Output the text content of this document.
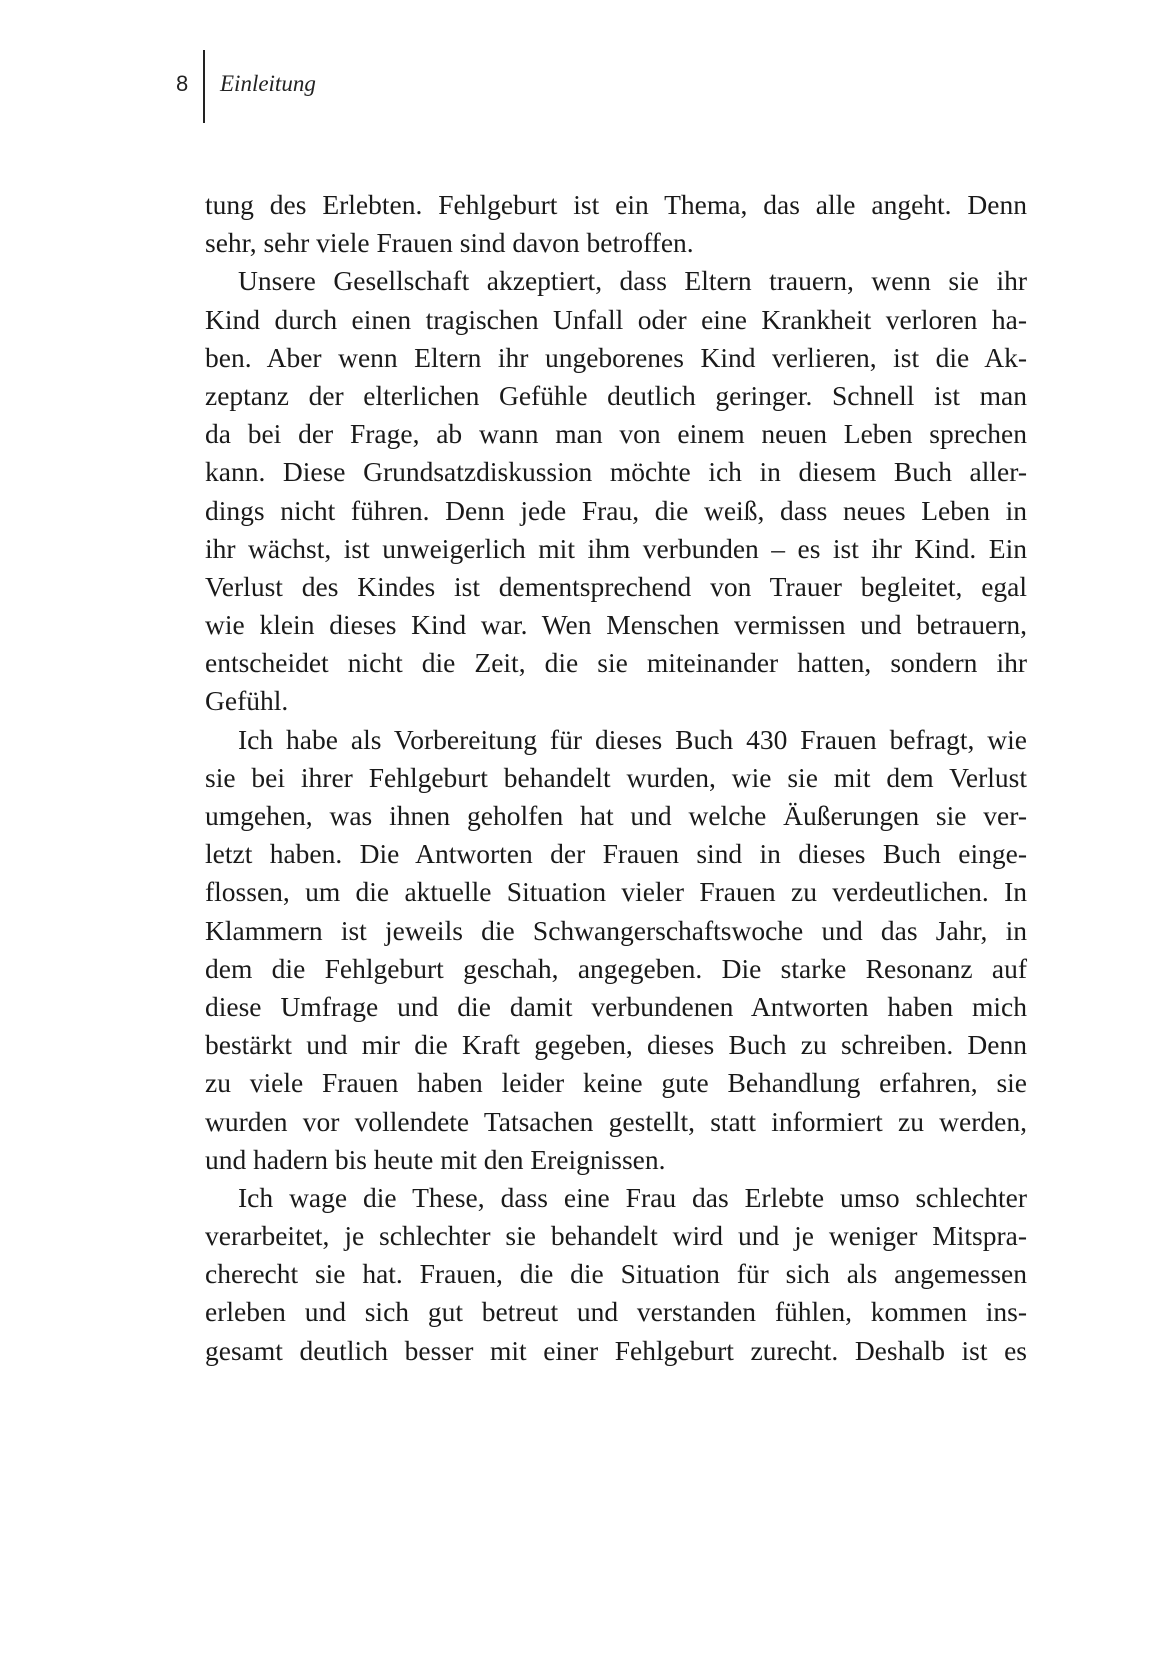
8 Einleitung
tung des Erlebten. Fehlgeburt ist ein Thema, das alle angeht. Denn
sehr, sehr viele Frauen sind davon betroffen.
Unsere Gesellschaft akzeptiert, dass Eltern trauern, wenn sie ihr
Kind durch einen tragischen Unfall oder eine Krankheit verloren ha-
ben. Aber wenn Eltern ihr ungeborenes Kind verlieren, ist die Ak-
zeptanz der elterlichen Gefühle deutlich geringer. Schnell ist man
da bei der Frage, ab wann man von einem neuen Leben sprechen
kann. Diese Grundsatzdiskussion möchte ich in diesem Buch aller-
dings nicht führen. Denn jede Frau, die weiß, dass neues Leben in
ihr wächst, ist unweigerlich mit ihm verbunden – es ist ihr Kind. Ein
Verlust des Kindes ist dementsprechend von Trauer begleitet, egal
wie klein dieses Kind war. Wen Menschen vermissen und betrauern,
entscheidet nicht die Zeit, die sie miteinander hatten, sondern ihr
Gefühl.
Ich habe als Vorbereitung für dieses Buch 430 Frauen befragt, wie
sie bei ihrer Fehlgeburt behandelt wurden, wie sie mit dem Verlust
umgehen, was ihnen geholfen hat und welche Äußerungen sie ver-
letzt haben. Die Antworten der Frauen sind in dieses Buch einge-
flossen, um die aktuelle Situation vieler Frauen zu verdeutlichen. In
Klammern ist jeweils die Schwangerschaftswoche und das Jahr, in
dem die Fehlgeburt geschah, angegeben. Die starke Resonanz auf
diese Umfrage und die damit verbundenen Antworten haben mich
bestärkt und mir die Kraft gegeben, dieses Buch zu schreiben. Denn
zu viele Frauen haben leider keine gute Behandlung erfahren, sie
wurden vor vollendete Tatsachen gestellt, statt informiert zu werden,
und hadern bis heute mit den Ereignissen.
Ich wage die These, dass eine Frau das Erlebte umso schlechter
verarbeitet, je schlechter sie behandelt wird und je weniger Mitspra-
cherecht sie hat. Frauen, die die Situation für sich als angemessen
erleben und sich gut betreut und verstanden fühlen, kommen ins-
gesamt deutlich besser mit einer Fehlgeburt zurecht. Deshalb ist es
